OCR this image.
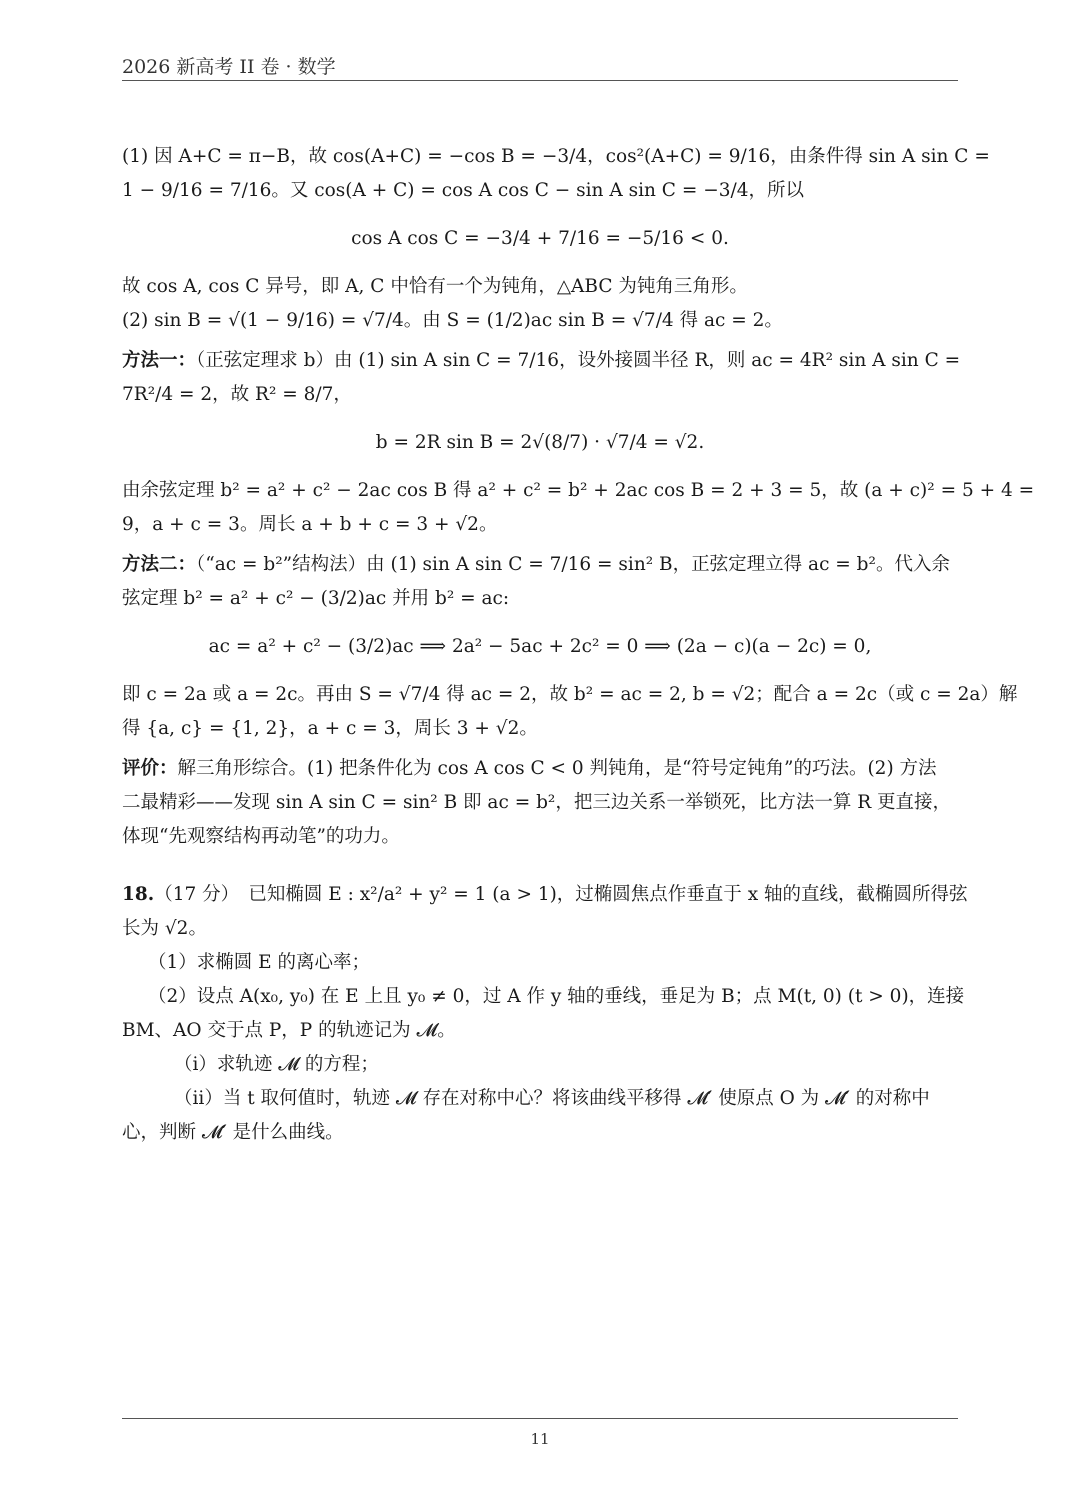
2026 新高考 II 卷 · 数学

(1) 因 A+C = π−B，故 cos(A+C) = −cos B = −3/4，cos²(A+C) = 9/16，由条件得 sin A sin C =

1 − 9/16 = 7/16。又 cos(A + C) = cos A cos C − sin A sin C = −3/4，所以

cos A cos C = −3/4 + 7/16 = −5/16 < 0.

故 cos A, cos C 异号，即 A, C 中恰有一个为钝角，△ABC 为钝角三角形。

(2) sin B = √(1 − 9/16) = √7/4。由 S = (1/2)ac sin B = √7/4 得 ac = 2。

方法一：（正弦定理求 b）由 (1) sin A sin C = 7/16，设外接圆半径 R，则 ac = 4R² sin A sin C =

7R²/4 = 2，故 R² = 8/7，

b = 2R sin B = 2√(8/7) · √7/4 = √2.

由余弦定理 b² = a² + c² − 2ac cos B 得 a² + c² = b² + 2ac cos B = 2 + 3 = 5，故 (a + c)² = 5 + 4 =

9，a + c = 3。周长 a + b + c = 3 + √2。

方法二：（“ac = b²”结构法）由 (1) sin A sin C = 7/16 = sin² B，正弦定理立得 ac = b²。代入余

弦定理 b² = a² + c² − (3/2)ac 并用 b² = ac:

ac = a² + c² − (3/2)ac ⟹ 2a² − 5ac + 2c² = 0 ⟹ (2a − c)(a − 2c) = 0,

即 c = 2a 或 a = 2c。再由 S = √7/4 得 ac = 2，故 b² = ac = 2, b = √2；配合 a = 2c（或 c = 2a）解

得 {a, c} = {1, 2}，a + c = 3，周长 3 + √2。

评价：解三角形综合。(1) 把条件化为 cos A cos C < 0 判钝角，是“符号定钝角”的巧法。(2) 方法

二最精彩——发现 sin A sin C = sin² B 即 ac = b²，把三边关系一举锁死，比方法一算 R 更直接，

体现“先观察结构再动笔”的功力。

18.（17 分）　已知椭圆 E : x²/a² + y² = 1 (a > 1)，过椭圆焦点作垂直于 x 轴的直线，截椭圆所得弦

长为 √2。

（1）求椭圆 E 的离心率；

（2）设点 A(x₀, y₀) 在 E 上且 y₀ ≠ 0，过 A 作 y 轴的垂线，垂足为 B；点 M(t, 0) (t > 0)，连接

BM、AO 交于点 P，P 的轨迹记为 𝓜。

（i）求轨迹 𝓜 的方程；

（ii）当 t 取何值时，轨迹 𝓜 存在对称中心？将该曲线平移得 𝓜′ 使原点 O 为 𝓜′ 的对称中

心，判断 𝓜′ 是什么曲线。

11
